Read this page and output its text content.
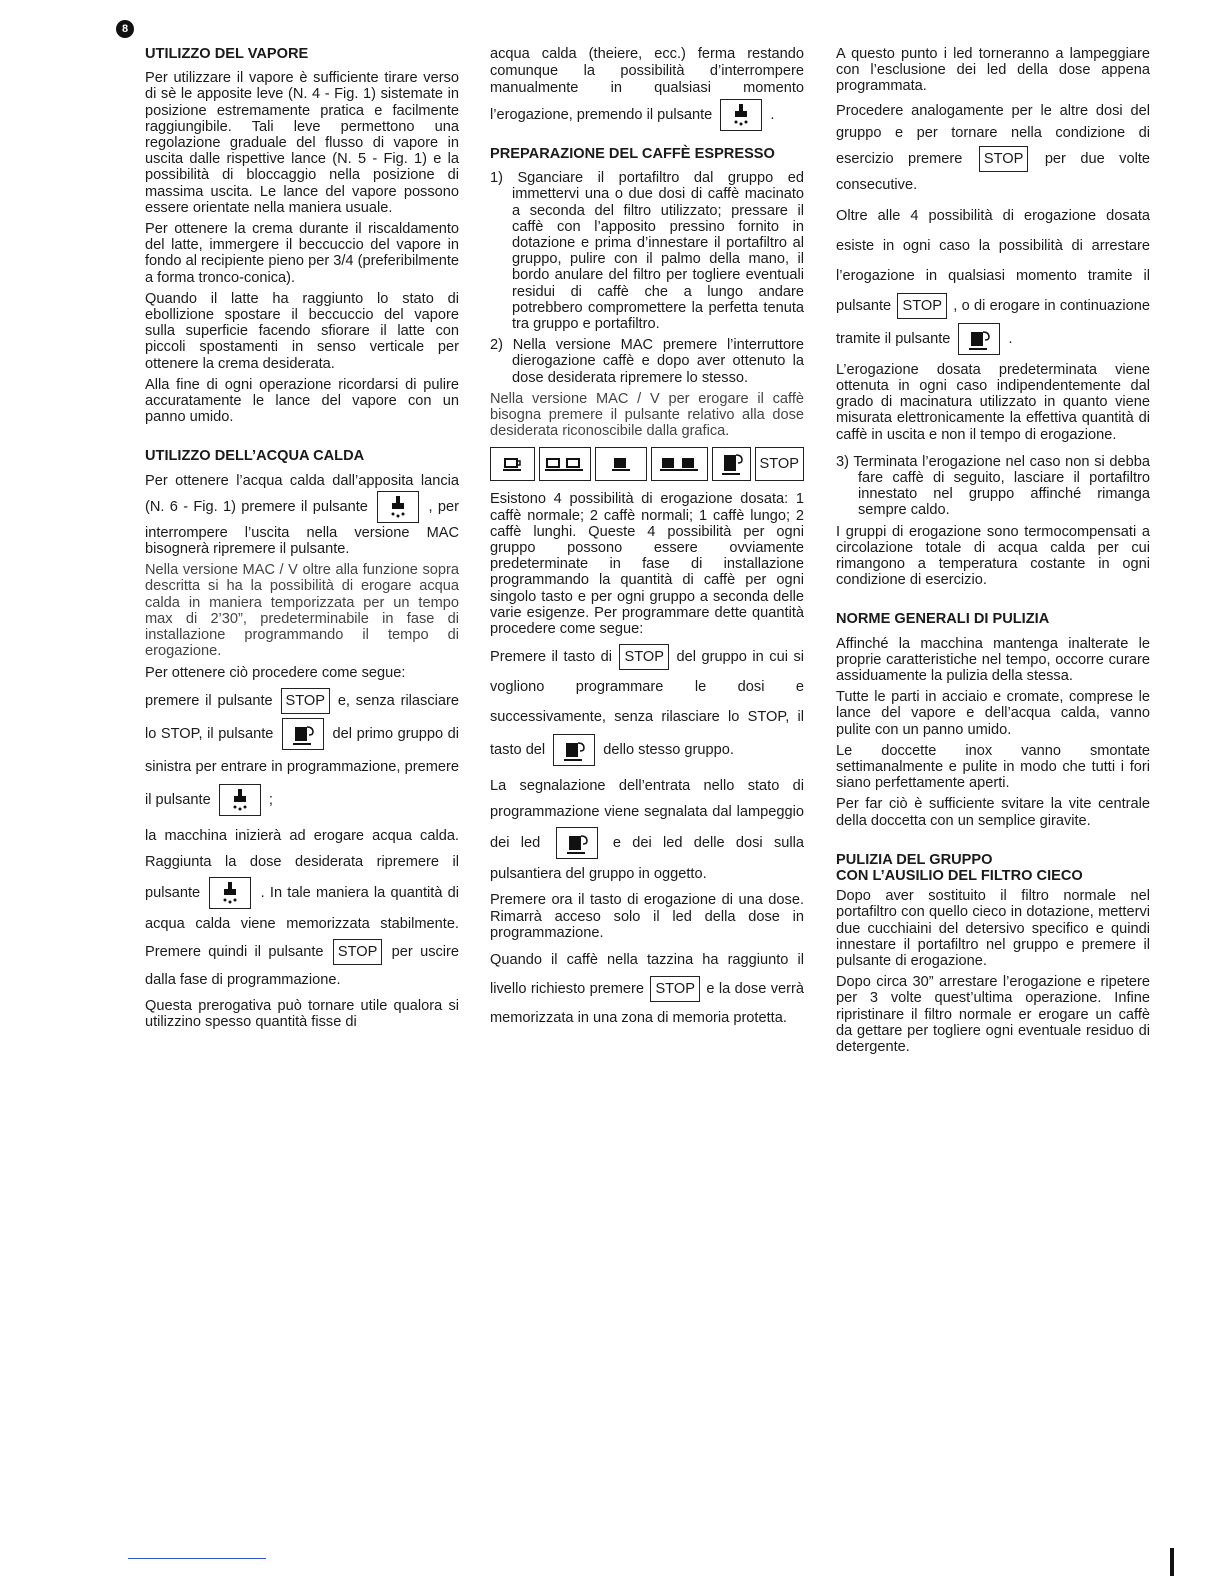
8
UTILIZZO DEL VAPORE

Per utilizzare il vapore è sufficiente tirare verso di sè le apposite leve (N. 4 - Fig. 1) sistemate in posizione estremamente pratica e facilmente raggiungibile. Tali leve permettono una regolazione graduale del flusso di vapore in uscita dalle rispettive lance (N. 5 - Fig. 1) e la possibilità di bloccaggio nella posizione di massima uscita. Le lance del vapore possono essere orientate nella maniera usuale.

Per ottenere la crema durante il riscaldamento del latte, immergere il beccuccio del vapore in fondo al recipiente pieno per 3/4 (preferibilmente a forma tronco-conica).

Quando il latte ha raggiunto lo stato di ebollizione spostare il beccuccio del vapore sulla superficie facendo sfiorare il latte con piccoli spostamenti in senso verticale per ottenere la crema desiderata.

Alla fine di ogni operazione ricordarsi di pulire accuratamente le lance del vapore con un panno umido.

UTILIZZO DELL’ACQUA CALDA

Per ottenere l’acqua calda dall’apposita lancia (N. 6 - Fig. 1) premere il pulsante	, per interrompere l’uscita nella versione MAC bisognerà ripremere il pulsante.

Nella versione MAC / V oltre alla funzione sopra descritta si ha la possibilità di erogare acqua calda in maniera temporizzata per un tempo max di 2’30”, predeterminabile in fase di installazione programmando il tempo di erogazione.

Per ottenere ciò procedere come segue:

premere il pulsante STOP e, senza rilasciare lo STOP, il pulsante	del primo gruppo di sinistra per entrare in programmazione, premere il pulsante	;

la macchina inizierà ad erogare acqua calda. Raggiunta la dose desiderata ripremere il pulsante	. In tale maniera la quantità di acqua calda viene memorizzata stabilmente. Premere quindi il pulsante STOP per uscire dalla fase di programmazione.

Questa prerogativa può tornare utile qualora si utilizzino spesso quantità fisse di

acqua calda (theiere, ecc.) ferma restando comunque la possibilità d’interrompere manualmente in qualsiasi momento l’erogazione, premendo il pulsante	.

PREPARAZIONE DEL CAFFÈ ESPRESSO

1) Sganciare il portafiltro dal gruppo ed immettervi una o due dosi di caffè macinato a seconda del filtro utilizzato; pressare il caffè con l’apposito pressino fornito in dotazione e prima d’innestare il portafiltro al gruppo, pulire con il palmo della mano, il bordo anulare del filtro per togliere eventuali residui di caffè che a lungo andare potrebbero compromettere la perfetta tenuta tra gruppo e portafiltro.

2) Nella versione MAC premere l’interruttore dierogazione caffè e dopo aver ottenuto la dose desiderata ripremere lo stesso.

Nella versione MAC / V per erogare il caffè bisogna premere il pulsante relativo alla dose desiderata riconoscibile dalla grafica.

STOP

Esistono 4 possibilità di erogazione dosata: 1 caffè normale; 2 caffè normali; 1 caffè lungo; 2 caffè lunghi. Queste 4 possibilità per ogni gruppo possono essere ovviamente predeterminate in fase di installazione programmando la quantità di caffè per ogni singolo tasto e per ogni gruppo a seconda delle varie esigenze. Per programmare dette quantità procedere come segue:

Premere il tasto di STOP del gruppo in cui si vogliono programmare le dosi e successivamente, senza rilasciare lo STOP, il tasto del	dello stesso gruppo.

La segnalazione dell’entrata nello stato di programmazione viene segnalata dal lampeggio dei led	e dei led delle dosi sulla pulsantiera del gruppo in oggetto.

Premere ora il tasto di erogazione di una dose. Rimarrà acceso solo il led della dose in programmazione.

Quando il caffè nella tazzina ha raggiunto il livello richiesto premere STOP e la dose verrà memorizzata in una zona di memoria protetta.

A questo punto i led torneranno a lampeggiare con l’esclusione dei led della dose appena programmata.

Procedere analogamente per le altre dosi del gruppo e per tornare nella condizione di esercizio premere STOP per due volte consecutive.

Oltre alle 4 possibilità di erogazione dosata esiste in ogni caso la possibilità di arrestare l’erogazione in qualsiasi momento tramite il pulsante STOP , o di erogare in continuazione tramite il pulsante	.

L’erogazione dosata predeterminata viene ottenuta in ogni caso indipendentemente dal grado di macinatura utilizzato in quanto viene misurata elettronicamente la effettiva quantità di caffè in uscita e non il tempo di erogazione.

3) Terminata l’erogazione nel caso non si debba fare caffè di seguito, lasciare il portafiltro innestato nel gruppo affinché rimanga sempre caldo.

I gruppi di erogazione sono termocompensati a circolazione totale di acqua calda per cui rimangono a temperatura costante in ogni condizione di esercizio.

NORME GENERALI DI PULIZIA

Affinché la macchina mantenga inalterate le proprie caratteristiche nel tempo, occorre curare assiduamente la pulizia della stessa.

Tutte le parti in acciaio e cromate, comprese le lance del vapore e dell’acqua calda, vanno pulite con un panno umido.

Le doccette inox vanno smontate settimanalmente e pulite in modo che tutti i fori siano perfettamente aperti.

Per far ciò è sufficiente svitare la vite centrale della doccetta con un semplice giravite.

PULIZIA DEL GRUPPO
CON L’AUSILIO DEL FILTRO CIECO

Dopo aver sostituito il filtro normale nel portafiltro con quello cieco in dotazione, mettervi due cucchiaini del detersivo specifico e quindi innestare il portafiltro nel gruppo e premere il pulsante di erogazione.

Dopo circa 30” arrestare l’erogazione e ripetere per 3 volte quest’ultima operazione. Infine ripristinare il filtro normale er erogare un caffè da gettare per togliere ogni eventuale residuo di detergente.
